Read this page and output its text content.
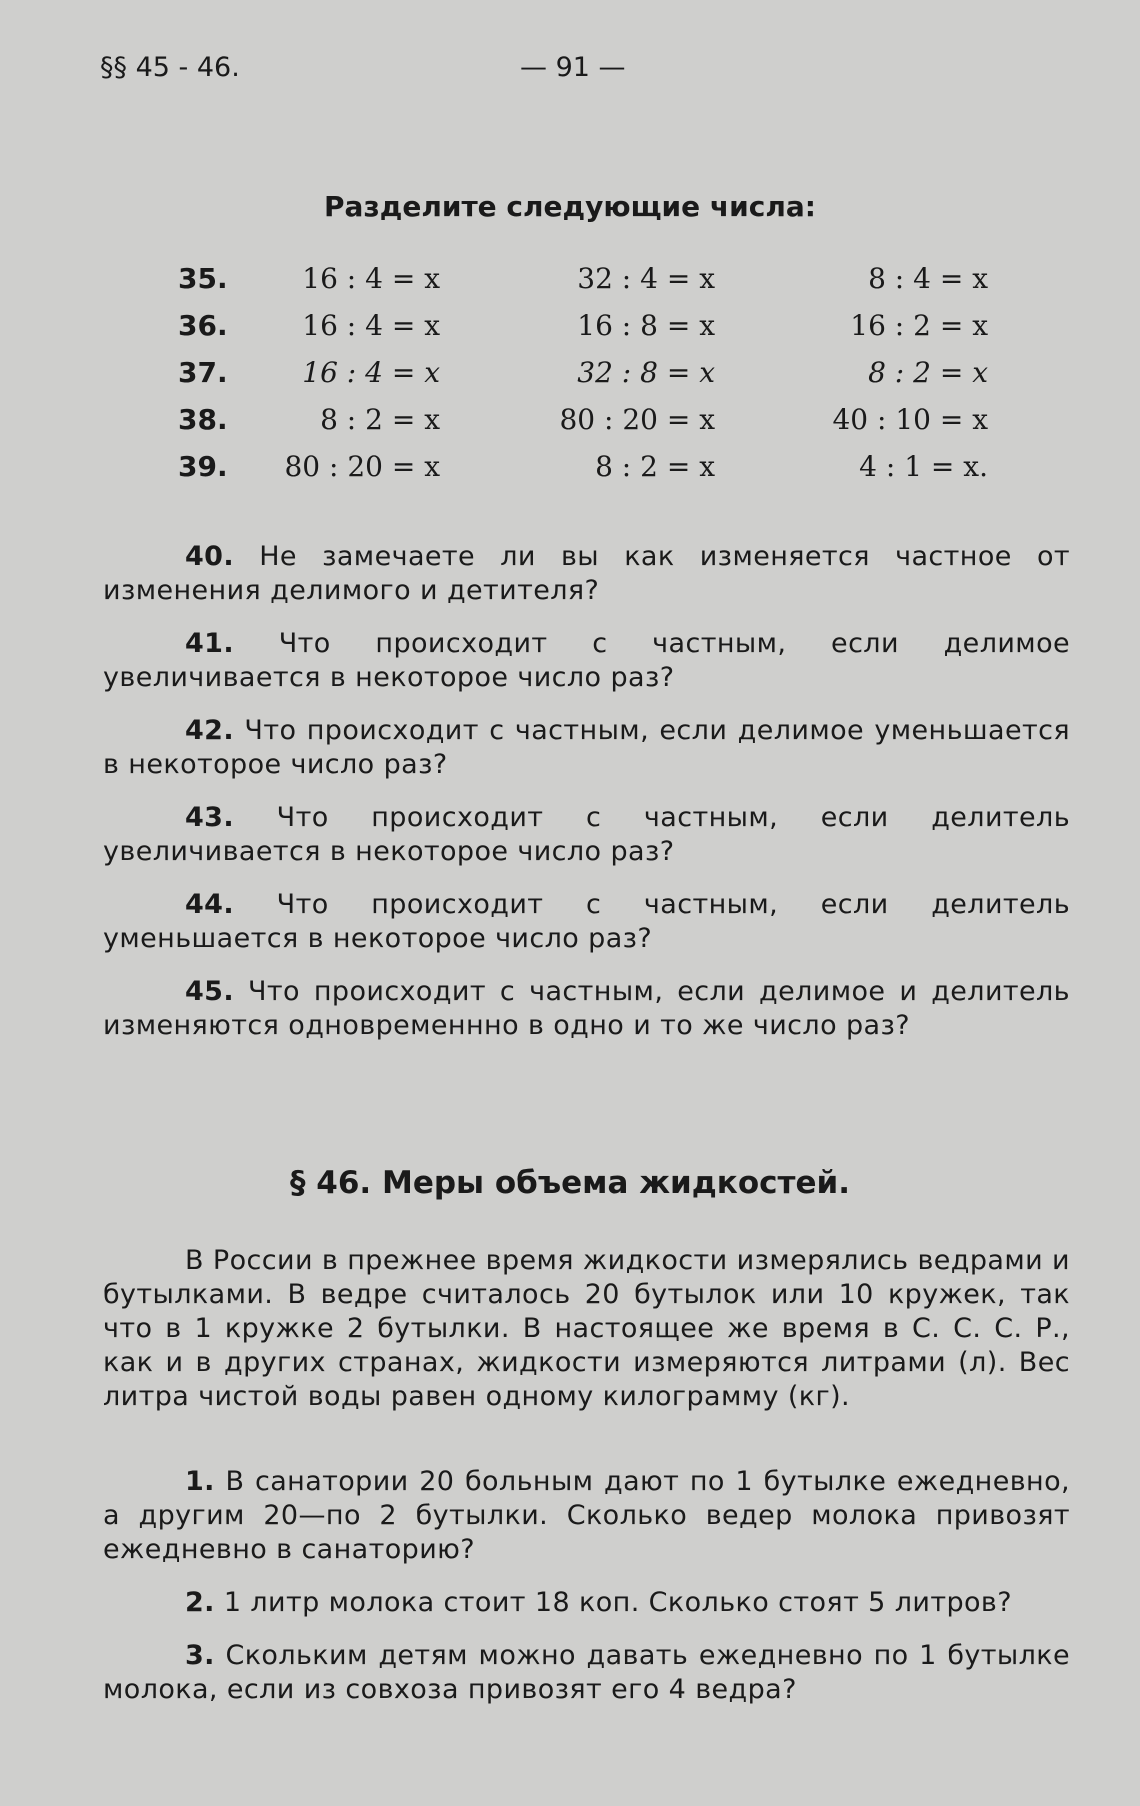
§§ 45 - 46.	— 91 —
Разделите следующие числа:
35.	16 : 4 = x	32 : 4 = x	8 : 4 = x
36.	16 : 4 = x	16 : 8 = x	16 : 2 = x
37.	16 : 4 = x	32 : 8 = x	8 : 2 = x
38.	8 : 2 = x	80 : 20 = x	40 : 10 = x
39. 80 : 20 = x	8 : 2 = x	4 : 1 = x.

40. Не замечаете ли вы как изменяется частное от изменения делимого и детителя?

41. Что происходит с частным, если делимое увеличивается в некоторое число раз?

42. Что происходит с частным, если делимое уменьшается в некоторое число раз?

43. Что происходит с частным, если делитель увеличивается в некоторое число раз?

44. Что происходит с частным, если делитель уменьшается в некоторое число раз?

45. Что происходит с частным, если делимое и делитель изменяются одновременнно в одно и то же число раз?

§ 46. Меры объема жидкостей.

В России в прежнее время жидкости измерялись ведрами и бутылками. В ведре считалось 20 бутылок или 10 кружек, так что в 1 кружке 2 бутылки. В настоящее же время в С. С. С. Р., как и в других странах, жидкости измеряются литрами (л). Вес литра чистой воды равен одному килограмму (кг).

1. В санатории 20 больным дают по 1 бутылке ежедневно, а другим 20—по 2 бутылки. Сколько ведер молока привозят ежедневно в санаторию?

2. 1 литр молока стоит 18 коп. Сколько стоят 5 литров?

3. Скольким детям можно давать ежедневно по 1 бутылке молока, если из совхоза привозят его 4 ведра?
